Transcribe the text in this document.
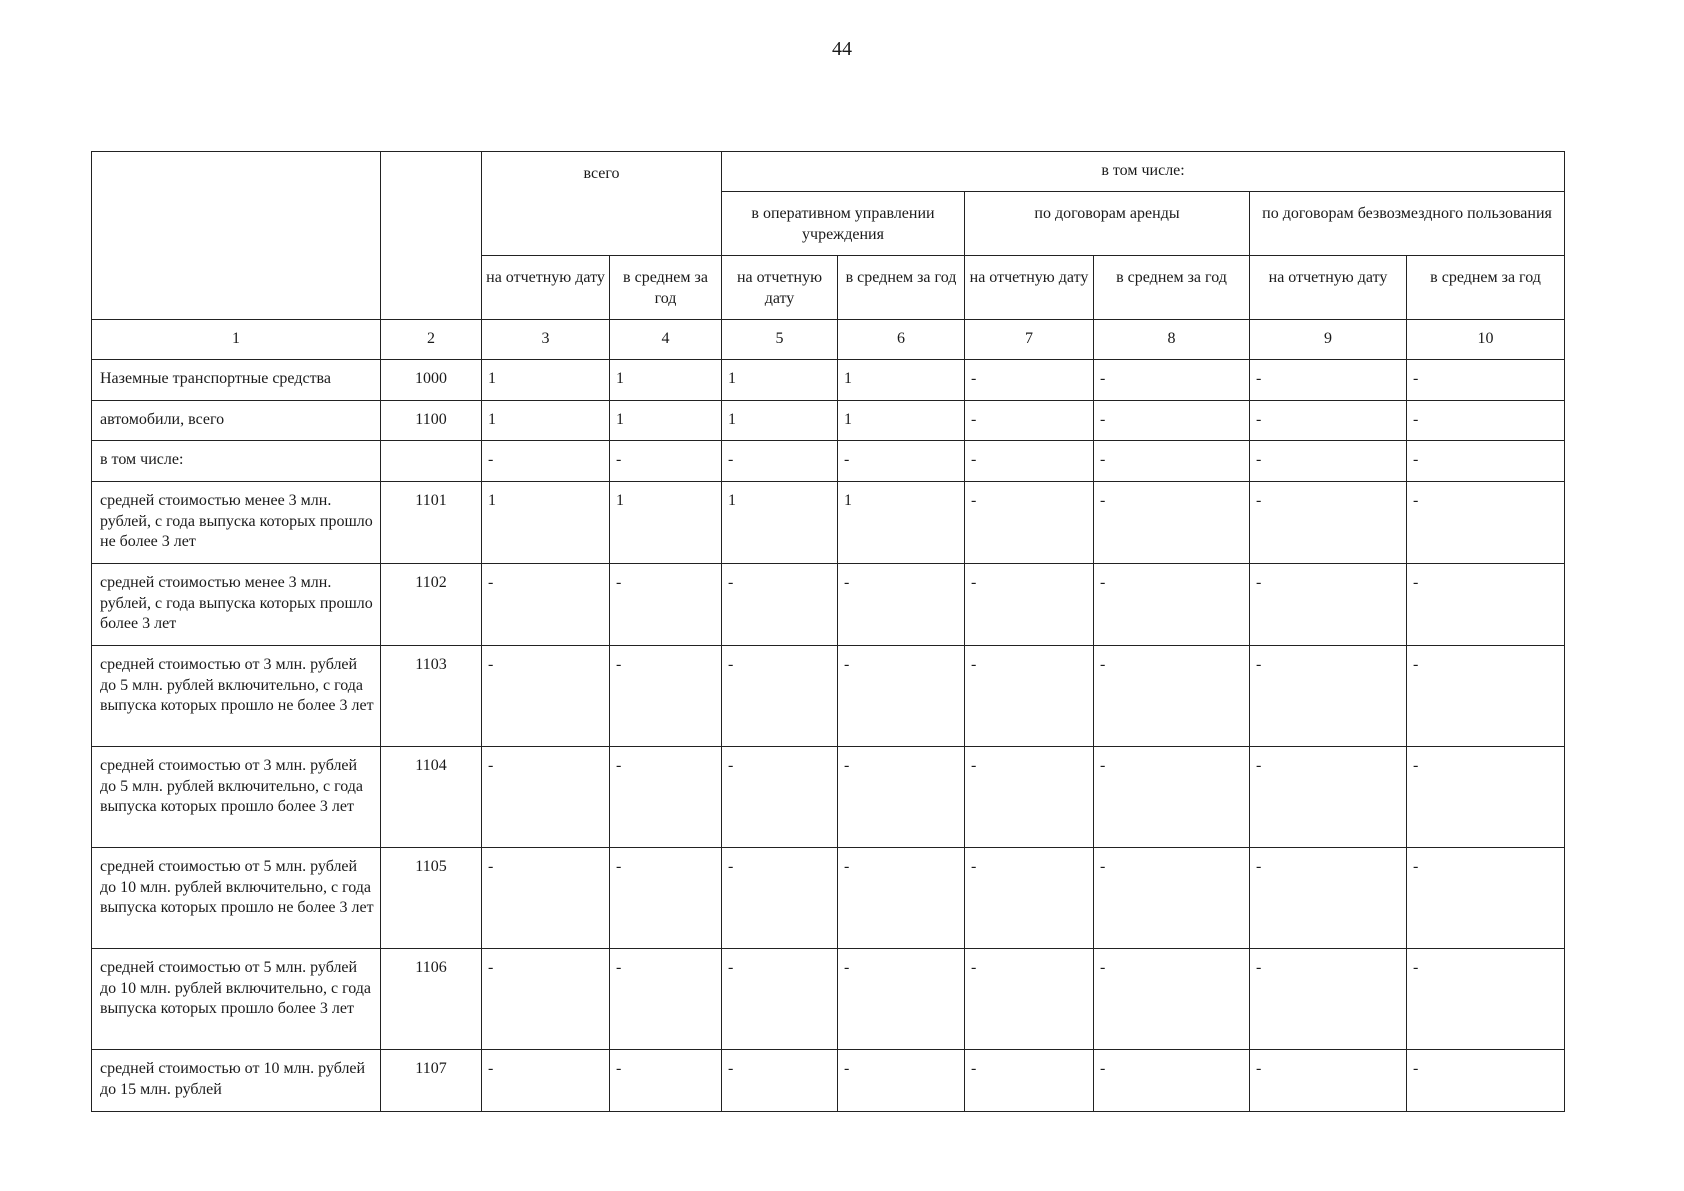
44
		всего		в том числе:					
				в оперативном управлении учреждения		по договорам аренды		по договорам безвозмездного пользования	
		на отчетную дату	в среднем за год	на отчетную дату	в среднем за год	на отчетную дату	в среднем за год	на отчетную дату	в среднем за год
1	2	3	4	5	6	7	8	9	10
Наземные транспортные средства	1000	1	1	1	1	-	-	-	-
автомобили, всего	1100	1	1	1	1	-	-	-	-
в том числе:		-	-	-	-	-	-	-	-
средней стоимостью менее 3 млн. рублей, с года выпуска которых прошло не более 3 лет	1101	1	1	1	1	-	-	-	-
средней стоимостью менее 3 млн. рублей, с года выпуска которых прошло более 3 лет	1102	-	-	-	-	-	-	-	-
средней стоимостью от 3 млн. рублей до 5 млн. рублей включительно, с года выпуска которых прошло не более 3 лет	1103	-	-	-	-	-	-	-	-
средней стоимостью от 3 млн. рублей до 5 млн. рублей включительно, с года выпуска которых прошло более 3 лет	1104	-	-	-	-	-	-	-	-
средней стоимостью от 5 млн. рублей до 10 млн. рублей включительно, с года выпуска которых прошло не более 3 лет	1105	-	-	-	-	-	-	-	-
средней стоимостью от 5 млн. рублей до 10 млн. рублей включительно, с года выпуска которых прошло более 3 лет	1106	-	-	-	-	-	-	-	-
средней стоимостью от 10 млн. рублей до 15 млн. рублей	1107	-	-	-	-	-	-	-	-
